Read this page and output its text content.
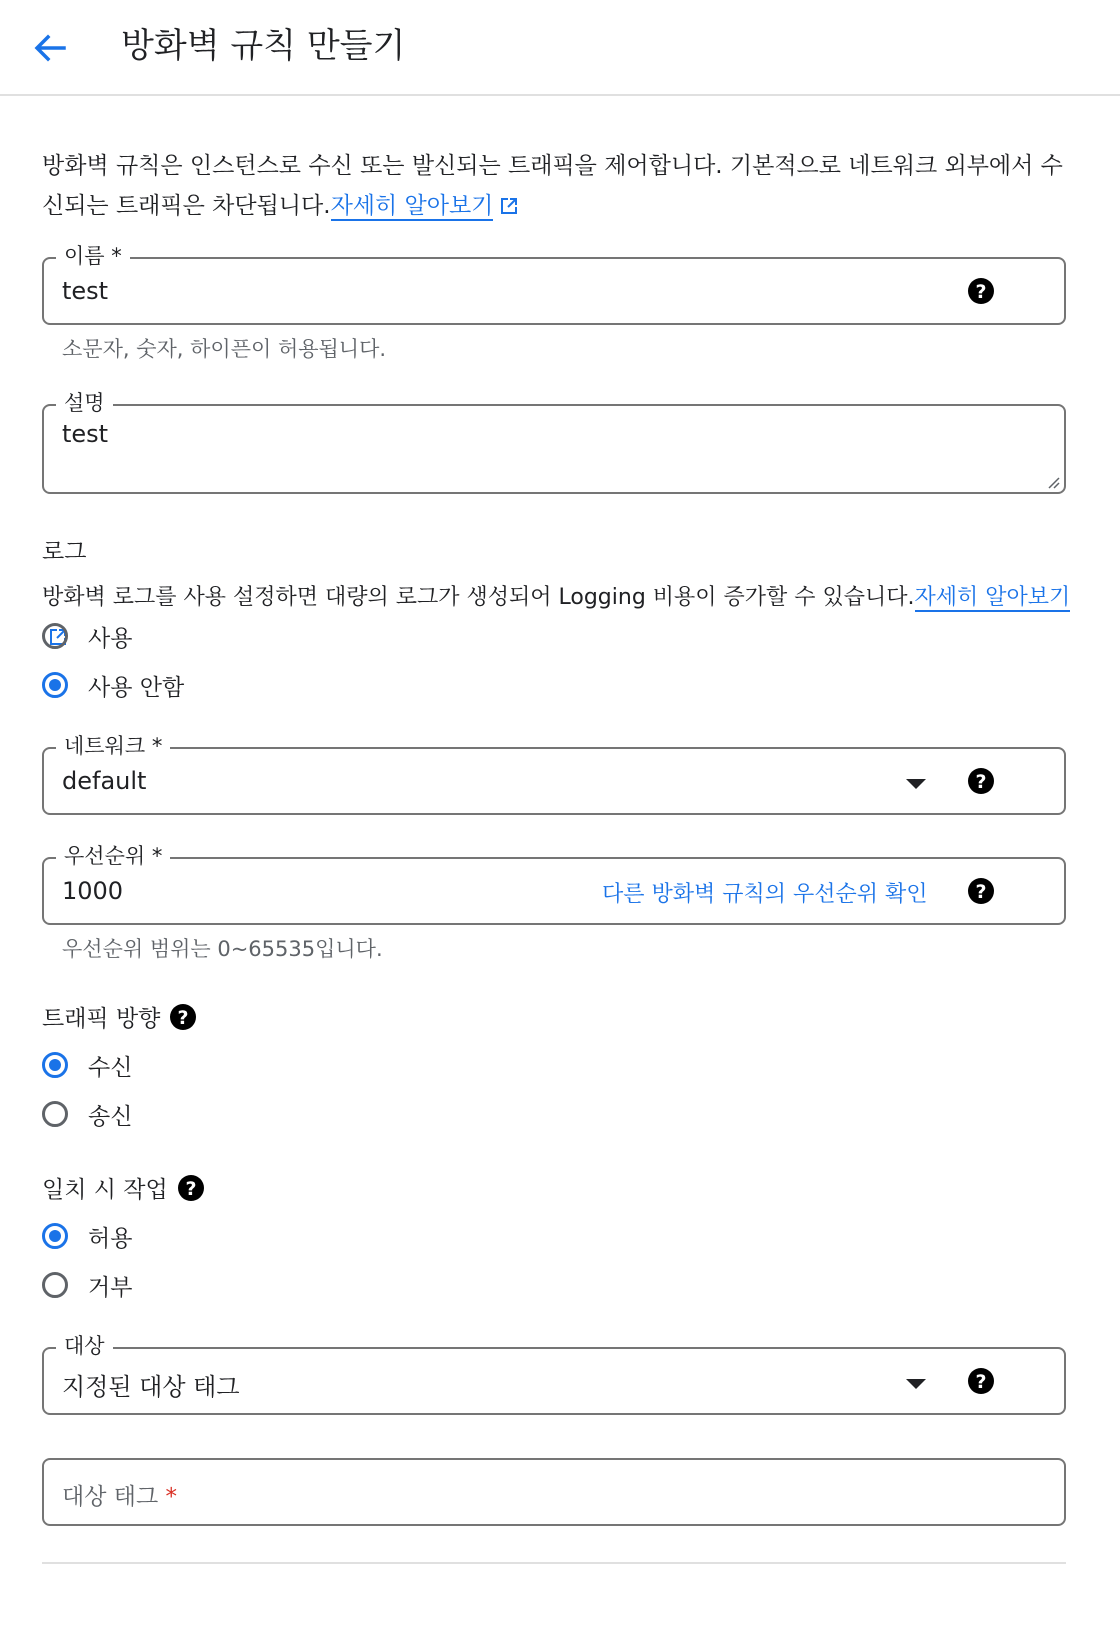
방화벽 규칙 만들기
방화벽 규칙은 인스턴스로 수신 또는 발신되는 트래픽을 제어합니다. 기본적으로 네트워크 외부에서 수신되는 트래픽은 차단됩니다.자세히 알아보기
이름 *
test	?
소문자, 숫자, 하이픈이 허용됩니다.
설명
test
로그
방화벽 로그를 사용 설정하면 대량의 로그가 생성되어 Logging 비용이 증가할 수 있습니다.자세히 알아보기
사용
사용 안함
네트워크 *
default	?
우선순위 *
1000	다른 방화벽 규칙의 우선순위 확인	?
우선순위 범위는 0~65535입니다.
트래픽 방향 ?
수신
송신
일치 시 작업 ?
허용
거부
대상
지정된 대상 태그	?
대상 태그 *
